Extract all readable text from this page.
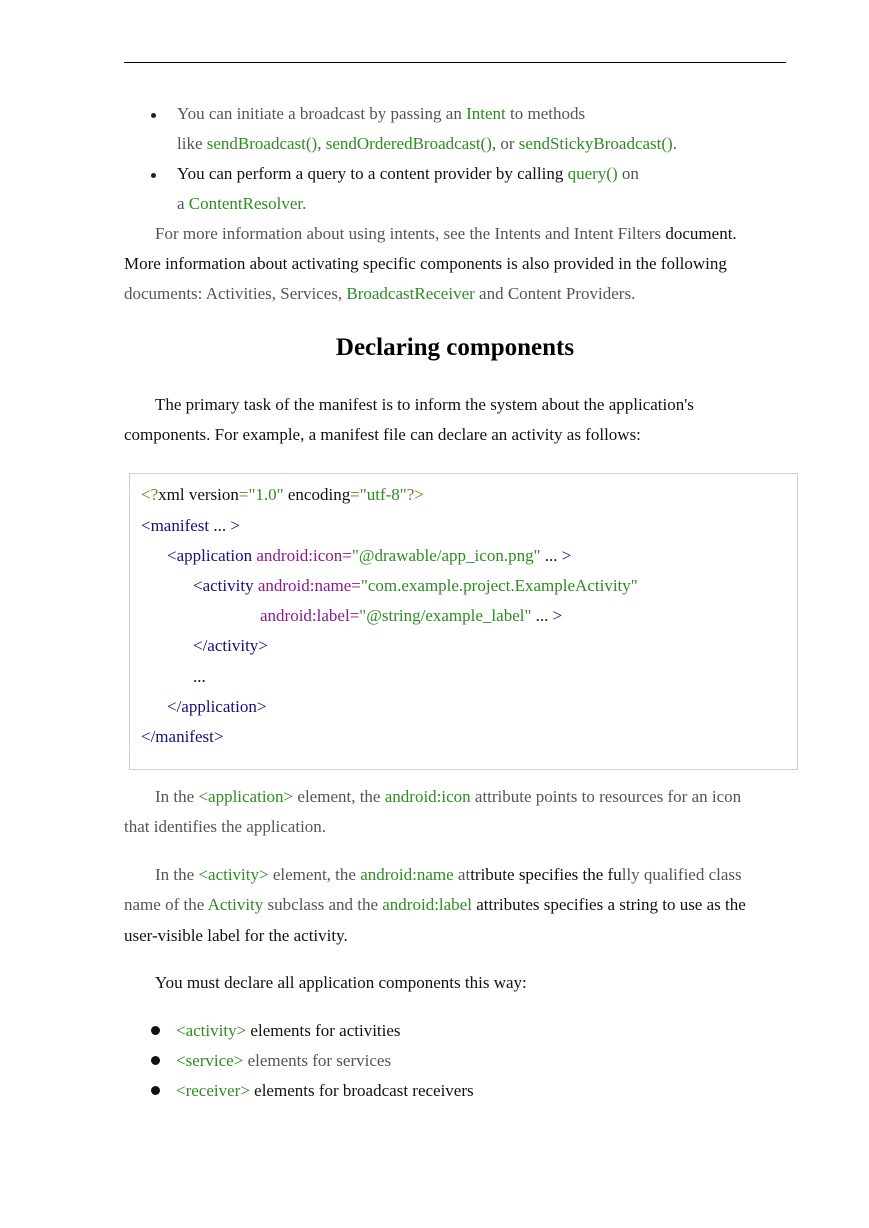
You can initiate a broadcast by passing an Intent to methods
like sendBroadcast(), sendOrderedBroadcast(), or sendStickyBroadcast().
You can perform a query to a content provider by calling query() on
a ContentResolver.
For more information about using intents, see the Intents and Intent Filters document.
More information about activating specific components is also provided in the following
documents: Activities, Services, BroadcastReceiver and Content Providers.
Declaring components
The primary task of the manifest is to inform the system about the application's
components. For example, a manifest file can declare an activity as follows:
<?xml version="1.0" encoding="utf-8"?>
<manifest ... >
<application android:icon="@drawable/app_icon.png" ... >
<activity android:name="com.example.project.ExampleActivity"
android:label="@string/example_label" ... >
</activity>
...
</application>
</manifest>
In the <application> element, the android:icon attribute points to resources for an icon
that identifies the application.
In the <activity> element, the android:name attribute specifies the fully qualified class
name of the Activity subclass and the android:label attributes specifies a string to use as the
user-visible label for the activity.
You must declare all application components this way:
<activity> elements for activities
<service> elements for services
<receiver> elements for broadcast receivers
